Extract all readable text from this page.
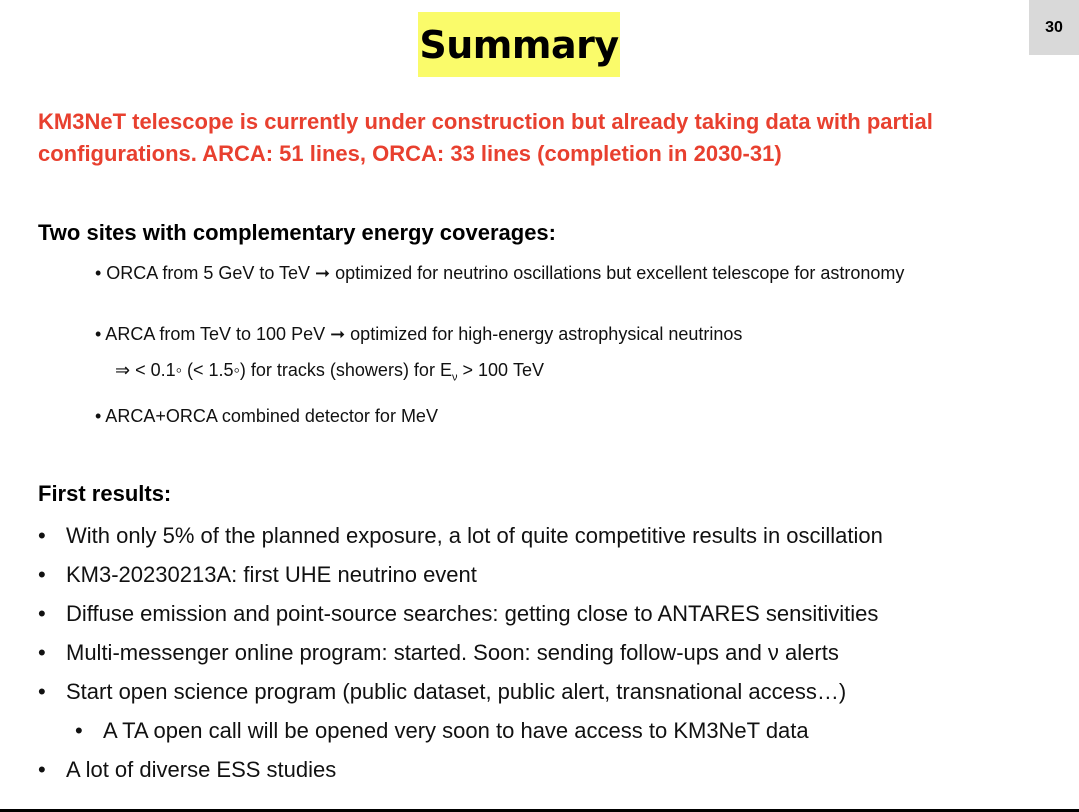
30
Summary
KM3NeT telescope is currently under construction but already taking data with partial configurations. ARCA: 51 lines, ORCA: 33 lines (completion in 2030-31)
Two sites with complementary energy coverages:
• ORCA from 5 GeV to TeV ➞ optimized for neutrino oscillations but excellent telescope for astronomy
• ARCA from TeV to 100 PeV ➞ optimized for high-energy astrophysical neutrinos
⇒ < 0.1◦ (< 1.5◦) for tracks (showers) for $E_\nu > 100$ TeV
• ARCA+ORCA combined detector for MeV
First results:
• With only 5% of the planned exposure, a lot of quite competitive results in oscillation
• KM3-20230213A: first UHE neutrino event
• Diffuse emission and point-source searches: getting close to ANTARES sensitivities
• Multi-messenger online program: started. Soon: sending follow-ups and ν alerts
• Start open science program (public dataset, public alert, transnational access…)
• A TA open call will be opened very soon to have access to KM3NeT data
• A lot of diverse ESS studies
